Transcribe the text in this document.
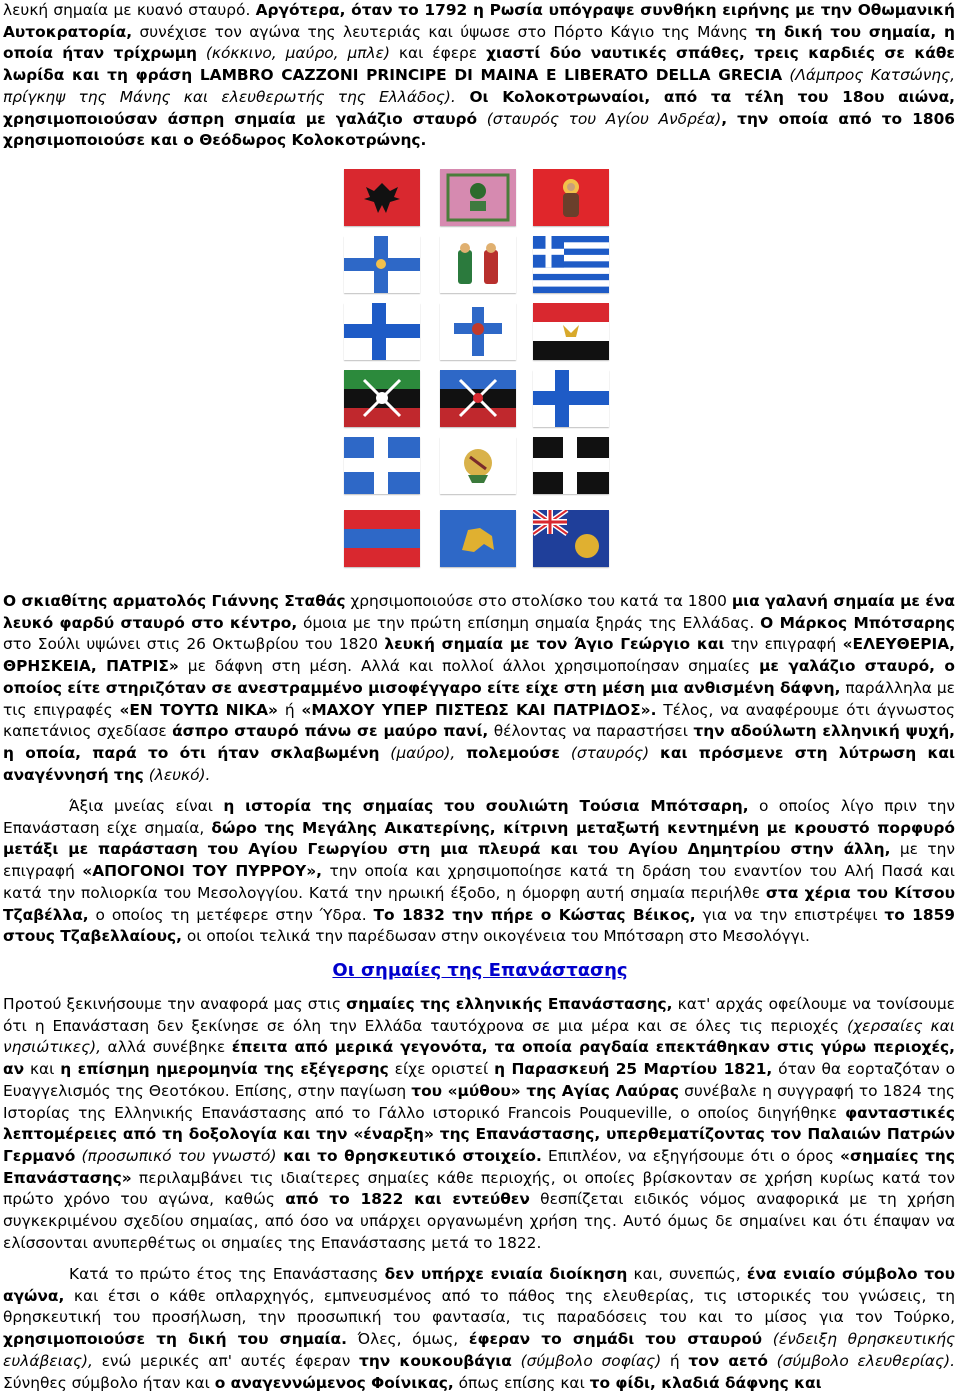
λευκή σημαία με κυανό σταυρό. Αργότερα, όταν το 1792 η Ρωσία υπόγραψε συνθήκη ειρήνης με την Οθωμανική Αυτοκρατορία, συνέχισε τον αγώνα της λευτεριάς και ύψωσε στο Πόρτο Κάγιο της Μάνης τη δική του σημαία, η οποία ήταν τρίχρωμη (κόκκινο, μαύρο, μπλε) και έφερε χιαστί δύο ναυτικές σπάθες, τρεις καρδιές σε κάθε λωρίδα και τη φράση LAMBRO CAZZONI PRINCIPE DI MAINA E LIBERATO DELLA GRECIA (Λάμπρος Κατσώνης, πρίγκηψ της Μάνης και ελευθερωτής της Ελλάδος). Οι Κολοκοτρωναίοι, από τα τέλη του 18ου αιώνα, χρησιμοποιούσαν άσπρη σημαία με γαλάζιο σταυρό (σταυρός του Αγίου Ανδρέα), την οποία από το 1806 χρησιμοποιούσε και ο Θεόδωρος Κολοκοτρώνης.

Ο σκιαθίτης αρματολός Γιάννης Σταθάς χρησιμοποιούσε στο στολίσκο του κατά τα 1800 μια γαλανή σημαία με ένα λευκό φαρδύ σταυρό στο κέντρο, όμοια με την πρώτη επίσημη σημαία ξηράς της Ελλάδας. Ο Μάρκος Μπότσαρης στο Σούλι υψώνει στις 26 Οκτωβρίου του 1820 λευκή σημαία με τον Άγιο Γεώργιο και την επιγραφή «ΕΛΕΥΘΕΡΙΑ, ΘΡΗΣΚΕΙΑ, ΠΑΤΡΙΣ» με δάφνη στη μέση. Αλλά και πολλοί άλλοι χρησιμοποίησαν σημαίες με γαλάζιο σταυρό, ο οποίος είτε στηριζόταν σε ανεστραμμένο μισοφέγγαρο είτε είχε στη μέση μια ανθισμένη δάφνη, παράλληλα με τις επιγραφές «ΕΝ ΤΟΥΤΩ ΝΙΚΑ» ή «ΜΑΧΟΥ ΥΠΕΡ ΠΙΣΤΕΩΣ ΚΑΙ ΠΑΤΡΙΔΟΣ». Τέλος, να αναφέρουμε ότι άγνωστος καπετάνιος σχεδίασε άσπρο σταυρό πάνω σε μαύρο πανί, θέλοντας να παραστήσει την αδούλωτη ελληνική ψυχή, η οποία, παρά το ότι ήταν σκλαβωμένη (μαύρο), πολεμούσε (σταυρός) και πρόσμενε στη λύτρωση και αναγέννησή της (λευκό).

Άξια μνείας είναι η ιστορία της σημαίας του σουλιώτη Τούσια Μπότσαρη, ο οποίος λίγο πριν την Επανάσταση είχε σημαία, δώρο της Μεγάλης Αικατερίνης, κίτρινη μεταξωτή κεντημένη με κρουστό πορφυρό μετάξι με παράσταση του Αγίου Γεωργίου στη μια πλευρά και του Αγίου Δημητρίου στην άλλη, με την επιγραφή «ΑΠΟΓΟΝΟΙ ΤΟΥ ΠΥΡΡΟΥ», την οποία και χρησιμοποίησε κατά τη δράση του εναντίον του Αλή Πασά και κατά την πολιορκία του Μεσολογγίου. Κατά την ηρωική έξοδο, η όμορφη αυτή σημαία περιήλθε στα χέρια του Κίτσου Τζαβέλλα, ο οποίος τη μετέφερε στην Ύδρα. Το 1832 την πήρε ο Κώστας Βέικος, για να την επιστρέψει το 1859 στους Τζαβελλαίους, οι οποίοι τελικά την παρέδωσαν στην οικογένεια του Μπότσαρη στο Μεσολόγγι.

Οι σημαίες της Επανάστασης

Προτού ξεκινήσουμε την αναφορά μας στις σημαίες της ελληνικής Επανάστασης, κατ' αρχάς οφείλουμε να τονίσουμε ότι η Επανάσταση δεν ξεκίνησε σε όλη την Ελλάδα ταυτόχρονα σε μια μέρα και σε όλες τις περιοχές (χερσαίες και νησιώτικες), αλλά συνέβηκε έπειτα από μερικά γεγονότα, τα οποία ραγδαία επεκτάθηκαν στις γύρω περιοχές, αν και η επίσημη ημερομηνία της εξέγερσης είχε οριστεί η Παρασκευή 25 Μαρτίου 1821, όταν θα εορταζόταν ο Ευαγγελισμός της Θεοτόκου. Επίσης, στην παγίωση του «μύθου» της Αγίας Λαύρας συνέβαλε η συγγραφή το 1824 της Ιστορίας της Ελληνικής Επανάστασης από το Γάλλο ιστορικό Francois Pouqueville, ο οποίος διηγήθηκε φανταστικές λεπτομέρειες από τη δοξολογία και την «έναρξη» της Επανάστασης, υπερθεματίζοντας τον Παλαιών Πατρών Γερμανό (προσωπικό του γνωστό) και το θρησκευτικό στοιχείο. Επιπλέον, να εξηγήσουμε ότι ο όρος «σημαίες της Επανάστασης» περιλαμβάνει τις ιδιαίτερες σημαίες κάθε περιοχής, οι οποίες βρίσκονταν σε χρήση κυρίως κατά τον πρώτο χρόνο του αγώνα, καθώς από το 1822 και εντεύθεν θεσπίζεται ειδικός νόμος αναφορικά με τη χρήση συγκεκριμένου σχεδίου σημαίας, από όσο να υπάρχει οργανωμένη χρήση της. Αυτό όμως δε σημαίνει και ότι έπαψαν να ελίσσονται ανυπερθέτως οι σημαίες της Επανάστασης μετά το 1822.

Κατά το πρώτο έτος της Επανάστασης δεν υπήρχε ενιαία διοίκηση και, συνεπώς, ένα ενιαίο σύμβολο του αγώνα, και έτσι ο κάθε οπλαρχηγός, εμπνευσμένος από το πάθος της ελευθερίας, τις ιστορικές του γνώσεις, τη θρησκευτική του προσήλωση, την προσωπική του φαντασία, τις παραδόσεις του και το μίσος για τον Τούρκο, χρησιμοποιούσε τη δική του σημαία. Όλες, όμως, έφεραν το σημάδι του σταυρού (ένδειξη θρησκευτικής ευλάβειας), ενώ μερικές απ' αυτές έφεραν την κουκουβάγια (σύμβολο σοφίας) ή τον αετό (σύμβολο ελευθερίας). Σύνηθες σύμβολο ήταν και ο αναγεννώμενος Φοίνικας, όπως επίσης και το φίδι, κλαδιά δάφνης και
